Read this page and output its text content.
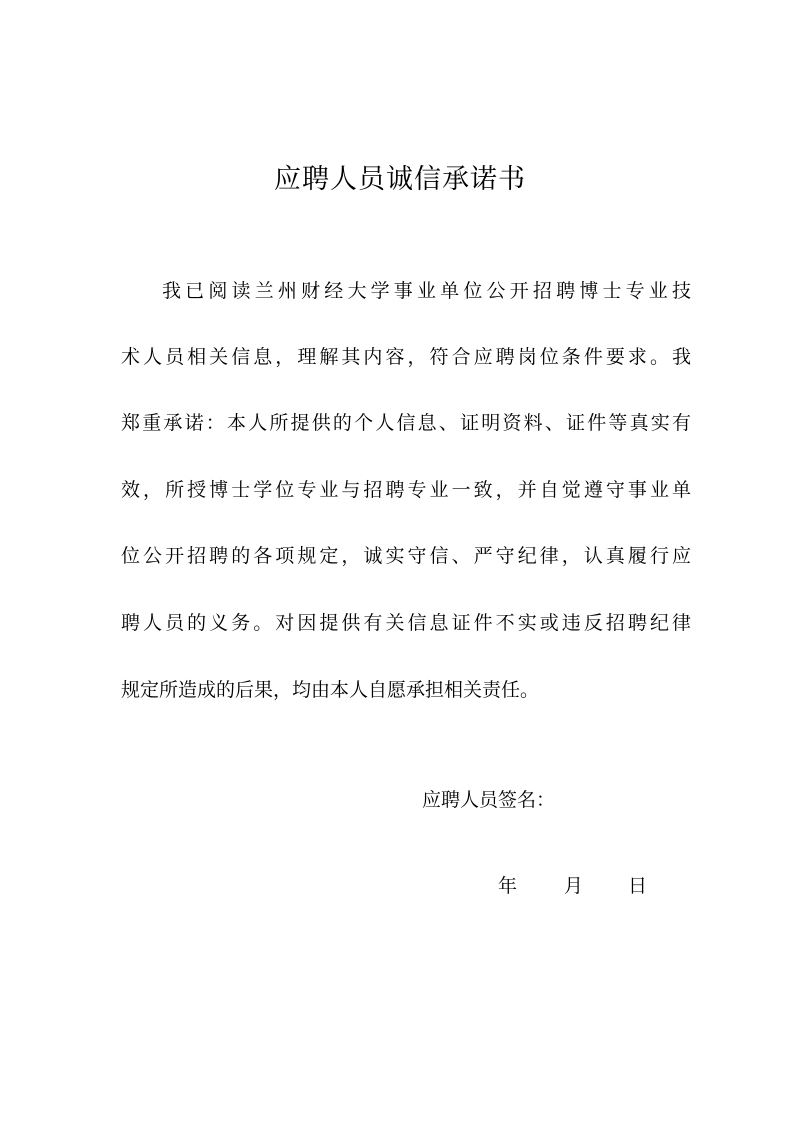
应聘人员诚信承诺书
我已阅读兰州财经大学事业单位公开招聘博士专业技
术人员相关信息，理解其内容，符合应聘岗位条件要求。我
郑重承诺：本人所提供的个人信息、证明资料、证件等真实有
效，所授博士学位专业与招聘专业一致，并自觉遵守事业单
位公开招聘的各项规定，诚实守信、严守纪律，认真履行应
聘人员的义务。对因提供有关信息证件不实或违反招聘纪律
规定所造成的后果，均由本人自愿承担相关责任。
应聘人员签名：
年 月 日
